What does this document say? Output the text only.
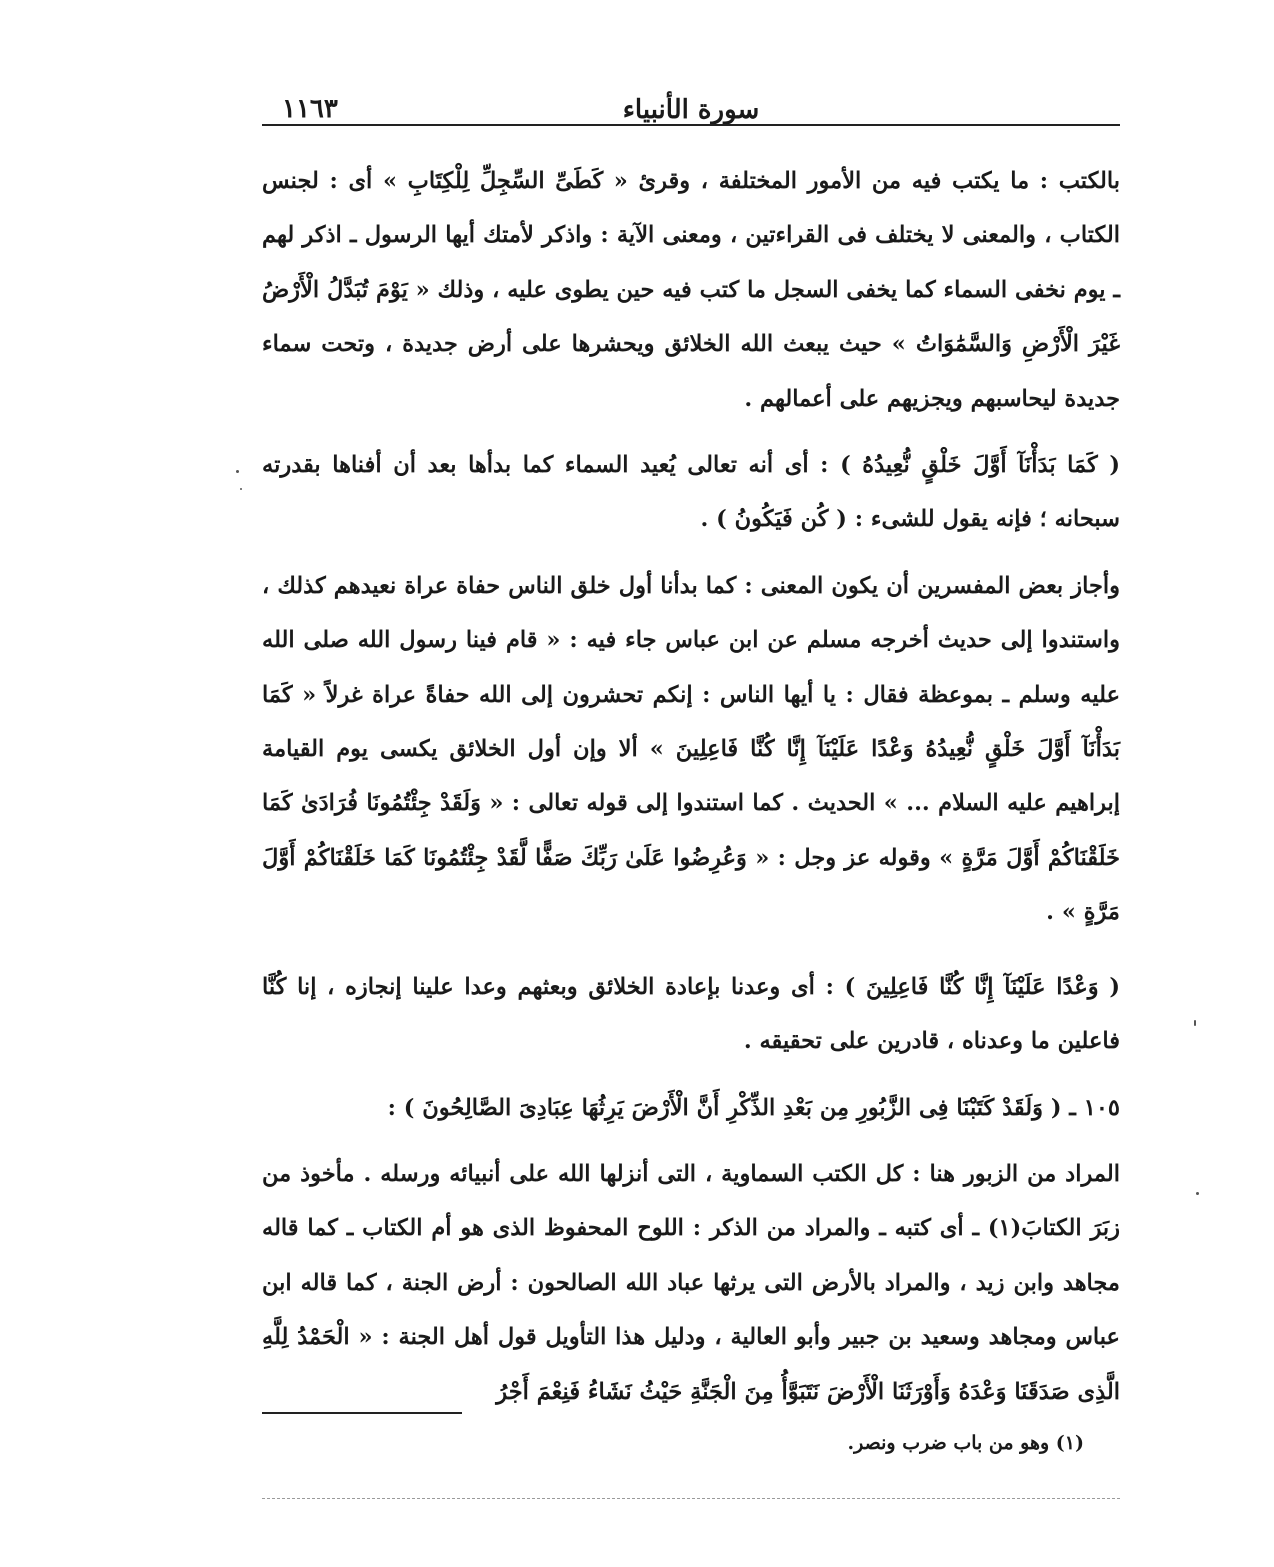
سورة الأنبياء
١١٦٣

بالكتب : ما يكتب فيه من الأمور المختلفة ، وقرئ « كَطَىِّ السِّجِلِّ لِلْكِتَابِ » أى : لجنس الكتاب ، والمعنى لا يختلف فى القراءتين ، ومعنى الآية : واذكر لأمتك أيها الرسول ـ اذكر لهم ـ يوم نخفى السماء كما يخفى السجل ما كتب فيه حين يطوى عليه ، وذلك « يَوْمَ تُبَدَّلُ الْأَرْضُ غَيْرَ الْأَرْضِ وَالسَّمَٰوَاتُ » حيث يبعث الله الخلائق ويحشرها على أرض جديدة ، وتحت سماء جديدة ليحاسبهم ويجزيهم على أعمالهم .

( كَمَا بَدَأْنَآ أَوَّلَ خَلْقٍ نُّعِيدُهُ ) : أى أنه تعالى يُعيد السماء كما بدأها بعد أن أفناها بقدرته سبحانه ؛ فإنه يقول للشىء : ( كُن فَيَكُونُ ) .

وأجاز بعض المفسرين أن يكون المعنى : كما بدأنا أول خلق الناس حفاة عراة نعيدهم كذلك ، واستندوا إلى حديث أخرجه مسلم عن ابن عباس جاء فيه : « قام فينا رسول الله صلى الله عليه وسلم ـ بموعظة فقال : يا أيها الناس : إنكم تحشرون إلى الله حفاةً عراة غرلاً « كَمَا بَدَأْنَآ أَوَّلَ خَلْقٍ نُّعِيدُهُ وَعْدًا عَلَيْنَآ إِنَّا كُنَّا فَاعِلِينَ » ألا وإن أول الخلائق يكسى يوم القيامة إبراهيم عليه السلام ... » الحديث . كما استندوا إلى قوله تعالى : « وَلَقَدْ جِئْتُمُونَا فُرَادَىٰ كَمَا خَلَقْنَاكُمْ أَوَّلَ مَرَّةٍ » وقوله عز وجل : « وَعُرِضُوا عَلَىٰ رَبِّكَ صَفًّا لَّقَدْ جِئْتُمُونَا كَمَا خَلَقْنَاكُمْ أَوَّلَ مَرَّةٍ » .

( وَعْدًا عَلَيْنَآ إِنَّا كُنَّا فَاعِلِينَ ) : أى وعدنا بإعادة الخلائق وبعثهم وعدا علينا إنجازه ، إنا كُنَّا فاعلين ما وعدناه ، قادرين على تحقيقه .

١٠٥ ـ ( وَلَقَدْ كَتَبْنَا فِى الزَّبُورِ مِن بَعْدِ الذِّكْرِ أَنَّ الْأَرْضَ يَرِثُهَا عِبَادِىَ الصَّالِحُونَ ) :

المراد من الزبور هنا : كل الكتب السماوية ، التى أنزلها الله على أنبيائه ورسله . مأخوذ من زبَرَ الكتابَ(١) ـ أى كتبه ـ والمراد من الذكر : اللوح المحفوظ الذى هو أم الكتاب ـ كما قاله مجاهد وابن زيد ، والمراد بالأرض التى يرثها عباد الله الصالحون : أرض الجنة ، كما قاله ابن عباس ومجاهد وسعيد بن جبير وأبو العالية ، ودليل هذا التأويل قول أهل الجنة : « الْحَمْدُ لِلَّهِ الَّذِى صَدَقَنَا وَعْدَهُ وَأَوْرَثَنَا الْأَرْضَ نَتَبَوَّأُ مِنَ الْجَنَّةِ حَيْثُ نَشَاءُ فَنِعْمَ أَجْرُ

(١) وهو من باب ضرب ونصر.
